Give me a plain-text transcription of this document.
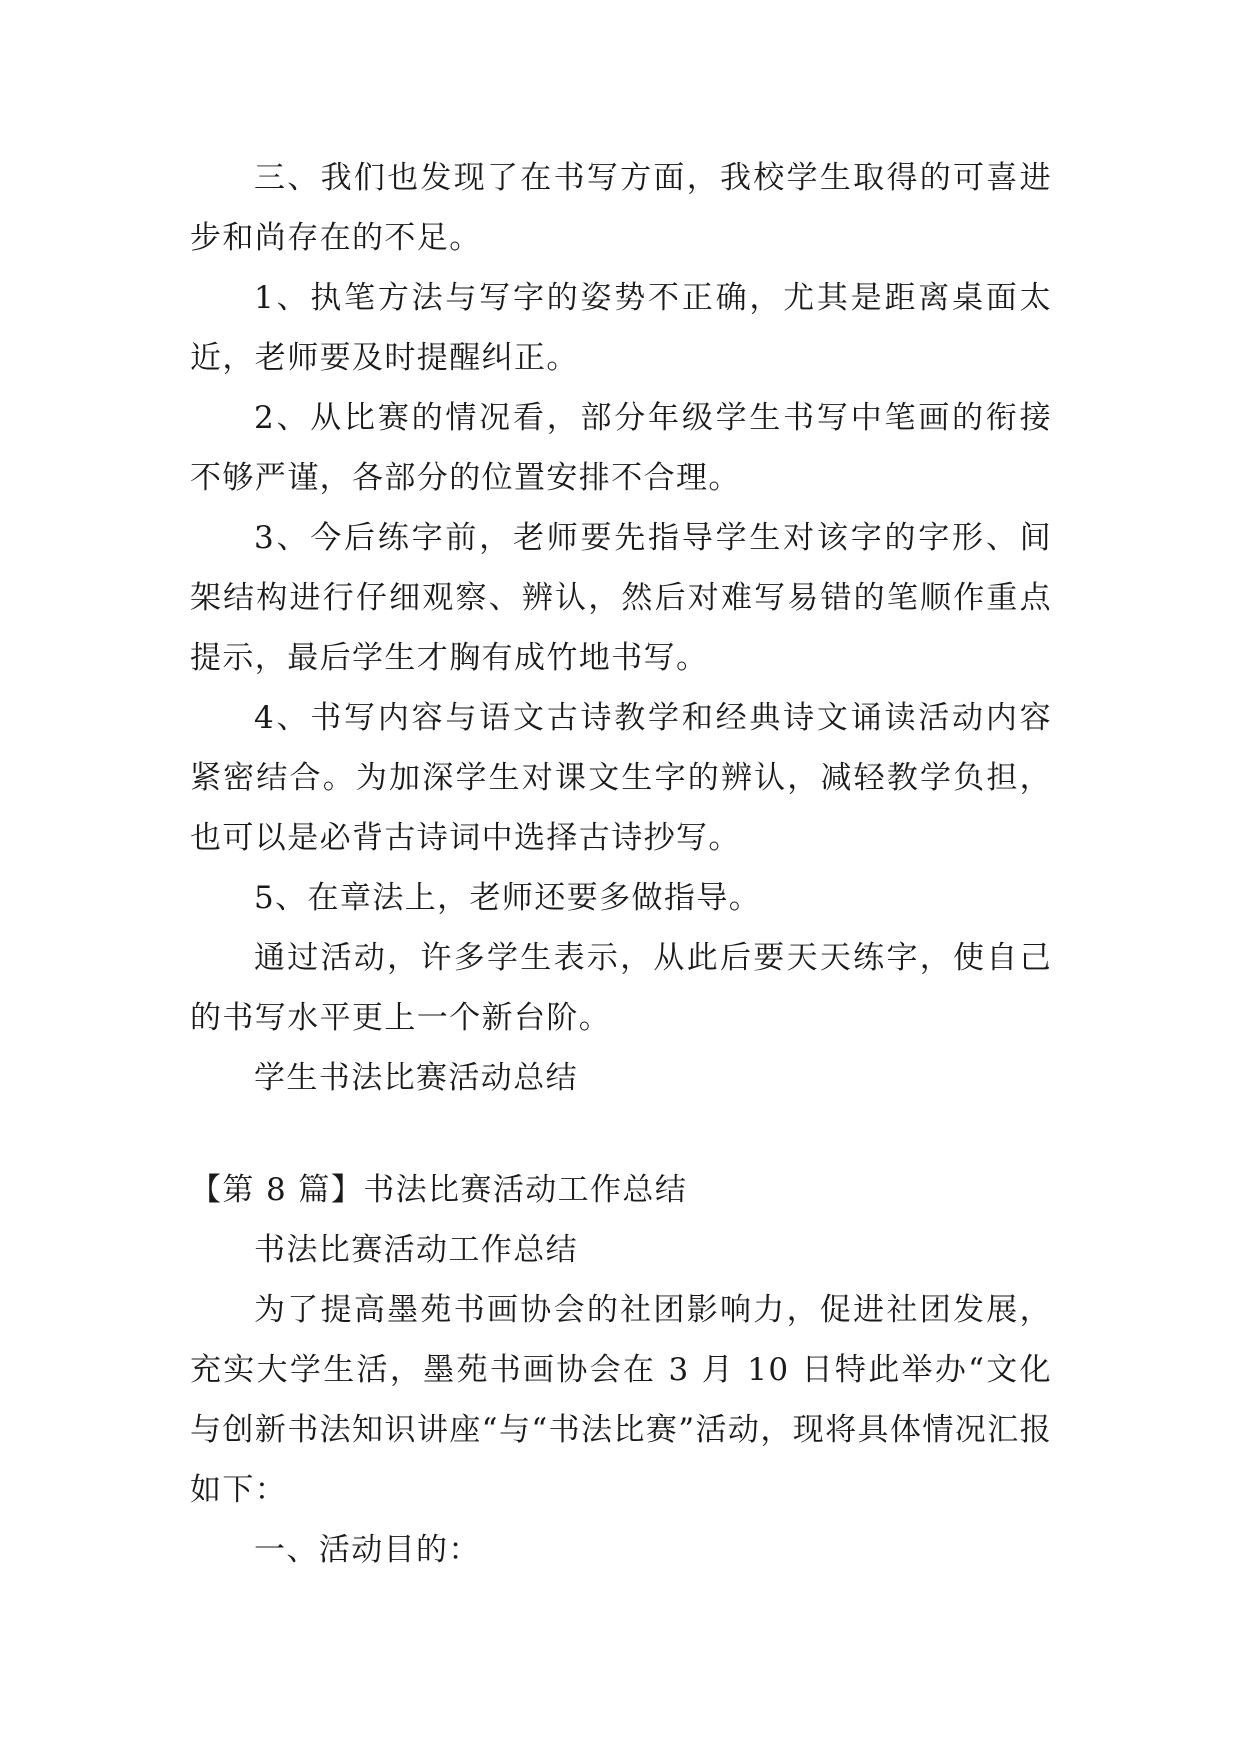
三、我们也发现了在书写方面，我校学生取得的可喜进步和尚存在的不足。

1、执笔方法与写字的姿势不正确，尤其是距离桌面太近，老师要及时提醒纠正。

2、从比赛的情况看，部分年级学生书写中笔画的衔接不够严谨，各部分的位置安排不合理。

3、今后练字前，老师要先指导学生对该字的字形、间架结构进行仔细观察、辨认，然后对难写易错的笔顺作重点提示，最后学生才胸有成竹地书写。

4、书写内容与语文古诗教学和经典诗文诵读活动内容紧密结合。为加深学生对课文生字的辨认，减轻教学负担，也可以是必背古诗词中选择古诗抄写。

5、在章法上，老师还要多做指导。

通过活动，许多学生表示，从此后要天天练字，使自己的书写水平更上一个新台阶。

学生书法比赛活动总结

【第 8 篇】书法比赛活动工作总结

书法比赛活动工作总结

为了提高墨苑书画协会的社团影响力，促进社团发展，充实大学生活，墨苑书画协会在 3 月 10 日特此举办“文化与创新书法知识讲座“与“书法比赛”活动，现将具体情况汇报如下：

一、活动目的：
